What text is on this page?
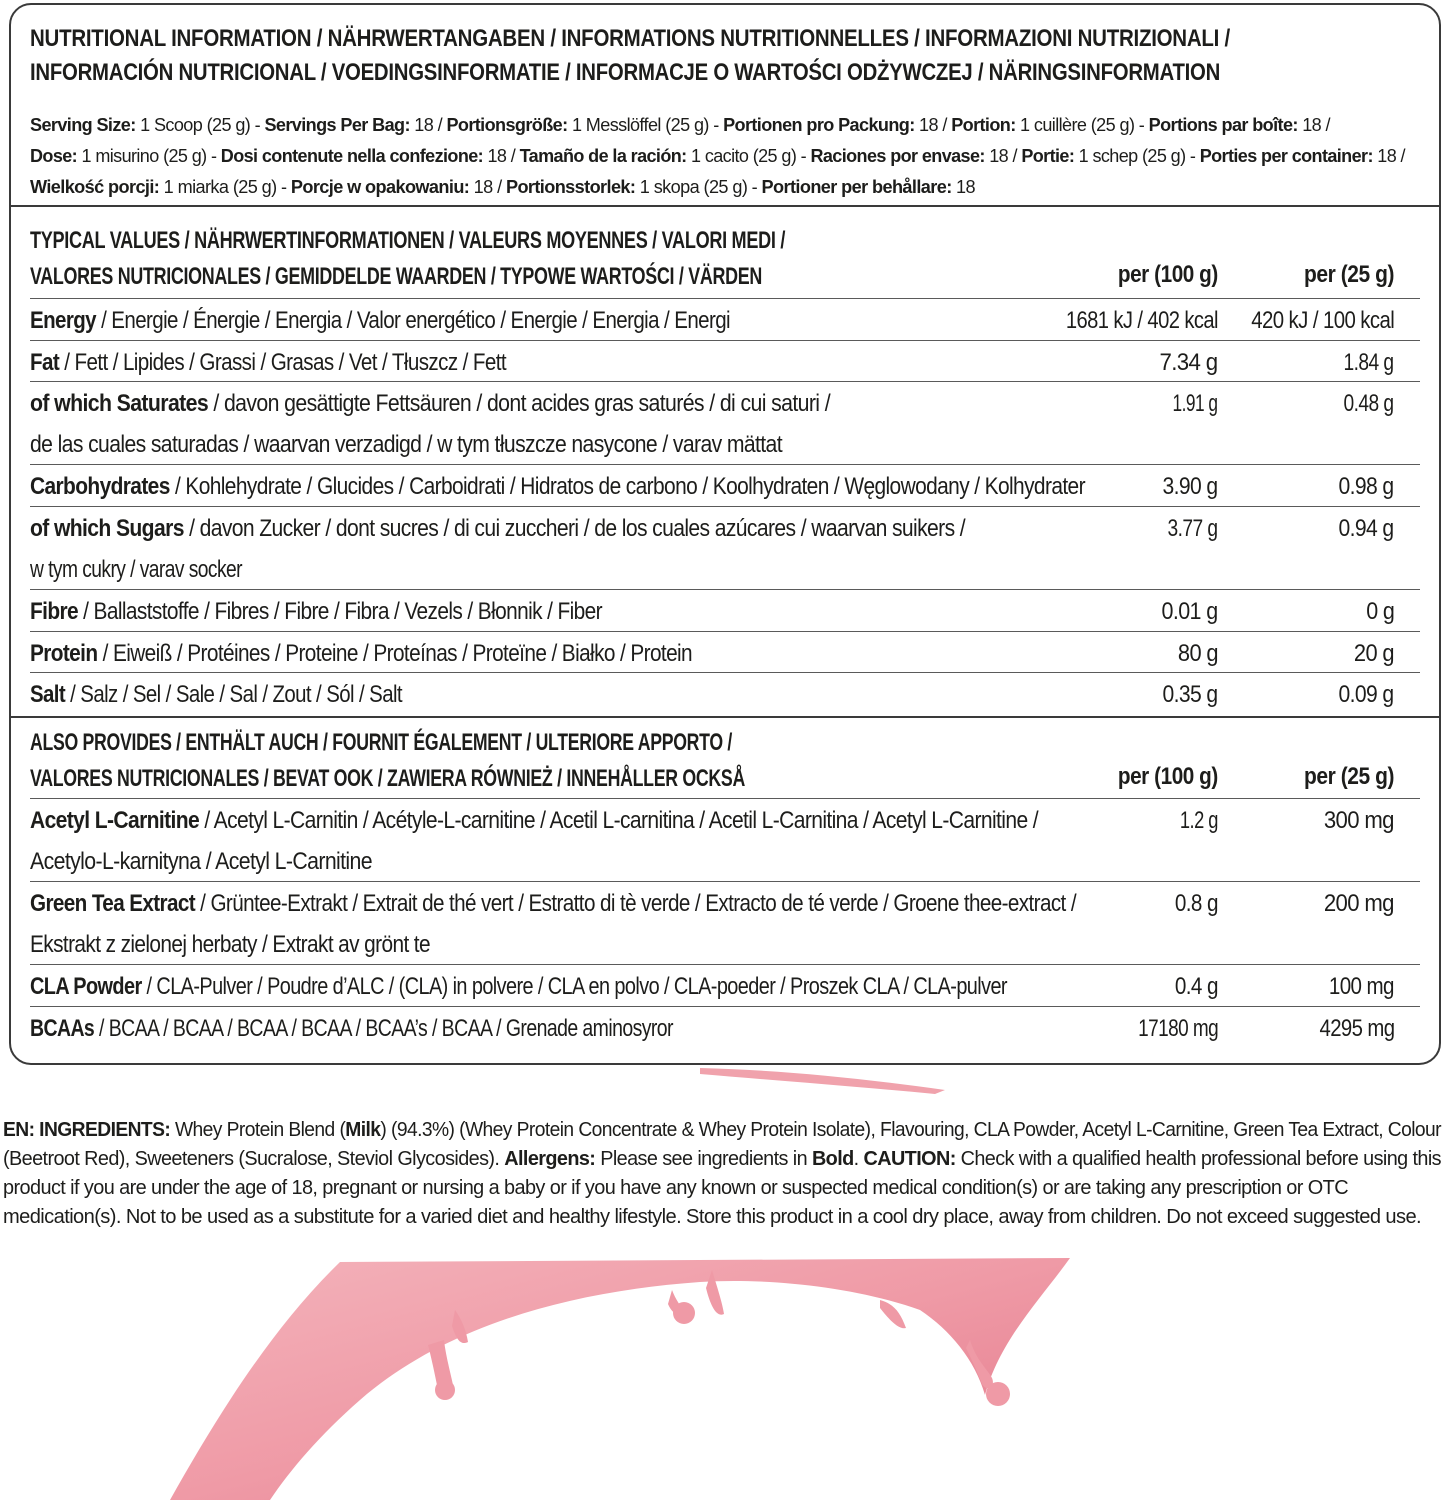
NUTRITIONAL INFORMATION / NÄHRWERTANGABEN / INFORMATIONS NUTRITIONNELLES / INFORMAZIONI NUTRIZIONALI /
INFORMACIÓN NUTRICIONAL / VOEDINGSINFORMATIE / INFORMACJE O WARTOŚCI ODŻYWCZEJ / NÄRINGSINFORMATION
Serving Size: 1 Scoop (25 g) - Servings Per Bag: 18 / Portionsgröße: 1 Messlöffel (25 g) - Portionen pro Packung: 18 / Portion: 1 cuillère (25 g) - Portions par boîte: 18 /
Dose: 1 misurino (25 g) - Dosi contenute nella confezione: 18 / Tamaño de la ración: 1 cacito (25 g) - Raciones por envase: 18 / Portie: 1 schep (25 g) - Porties per container: 18 /
Wielkość porcji: 1 miarka (25 g) - Porcje w opakowaniu: 18 / Portionsstorlek: 1 skopa (25 g) - Portioner per behållare: 18
TYPICAL VALUES / NÄHRWERTINFORMATIONEN / VALEURS MOYENNES / VALORI MEDI /
VALORES NUTRICIONALES / GEMIDDELDE WAARDEN / TYPOWE WARTOŚCI / VÄRDEN	per (100 g)	per (25 g)
Energy / Energie / Énergie / Energia / Valor energético / Energie / Energia / Energi	1681 kJ / 402 kcal	420 kJ / 100 kcal
Fat / Fett / Lipides / Grassi / Grasas / Vet / Tłuszcz / Fett	7.34 g	1.84 g
of which Saturates / davon gesättigte Fettsäuren / dont acides gras saturés / di cui saturi /
de las cuales saturadas / waarvan verzadigd / w tym tłuszcze nasycone / varav mättat
1.91 g	0.48 g
Carbohydrates / Kohlehydrate / Glucides / Carboidrati / Hidratos de carbono / Koolhydraten / Węglowodany / Kolhydrater	3.90 g	0.98 g
of which Sugars / davon Zucker / dont sucres / di cui zuccheri / de los cuales azúcares / waarvan suikers /
w tym cukry / varav socker
3.77 g	0.94 g
Fibre / Ballaststoffe / Fibres / Fibre / Fibra / Vezels / Błonnik / Fiber	0.01 g	0 g
Protein / Eiweiß / Protéines / Proteine / Proteínas / Proteïne / Białko / Protein	80 g	20 g
Salt / Salz / Sel / Sale / Sal / Zout / Sól / Salt	0.35 g	0.09 g
ALSO PROVIDES / ENTHÄLT AUCH / FOURNIT ÉGALEMENT / ULTERIORE APPORTO /
VALORES NUTRICIONALES / BEVAT OOK / ZAWIERA RÓWNIEŻ / INNEHÅLLER OCKSÅ	per (100 g)	per (25 g)
Acetyl L-Carnitine / Acetyl L-Carnitin / Acétyle-L-carnitine / Acetil L-carnitina / Acetil L-Carnitina / Acetyl L-Carnitine /
Acetylo-L-karnityna / Acetyl L-Carnitine
1.2 g	300 mg
Green Tea Extract / Grüntee-Extrakt / Extrait de thé vert / Estratto di tè verde / Extracto de té verde / Groene thee-extract /
Ekstrakt z zielonej herbaty / Extrakt av grönt te
0.8 g	200 mg
CLA Powder / CLA-Pulver / Poudre d’ALC / (CLA) in polvere / CLA en polvo / CLA-poeder / Proszek CLA / CLA-pulver	0.4 g	100 mg
BCAAs / BCAA / BCAA / BCAA / BCAA / BCAA’s / BCAA / Grenade aminosyror	17180 mg	4295 mg
EN: INGREDIENTS: Whey Protein Blend (Milk) (94.3%) (Whey Protein Concentrate & Whey Protein Isolate), Flavouring, CLA Powder, Acetyl L-Carnitine, Green Tea Extract, Colour
(Beetroot Red), Sweeteners (Sucralose, Steviol Glycosides). Allergens: Please see ingredients in Bold. CAUTION: Check with a qualified health professional before using this
product if you are under the age of 18, pregnant or nursing a baby or if you have any known or suspected medical condition(s) or are taking any prescription or OTC
medication(s). Not to be used as a substitute for a varied diet and healthy lifestyle. Store this product in a cool dry place, away from children. Do not exceed suggested use.
